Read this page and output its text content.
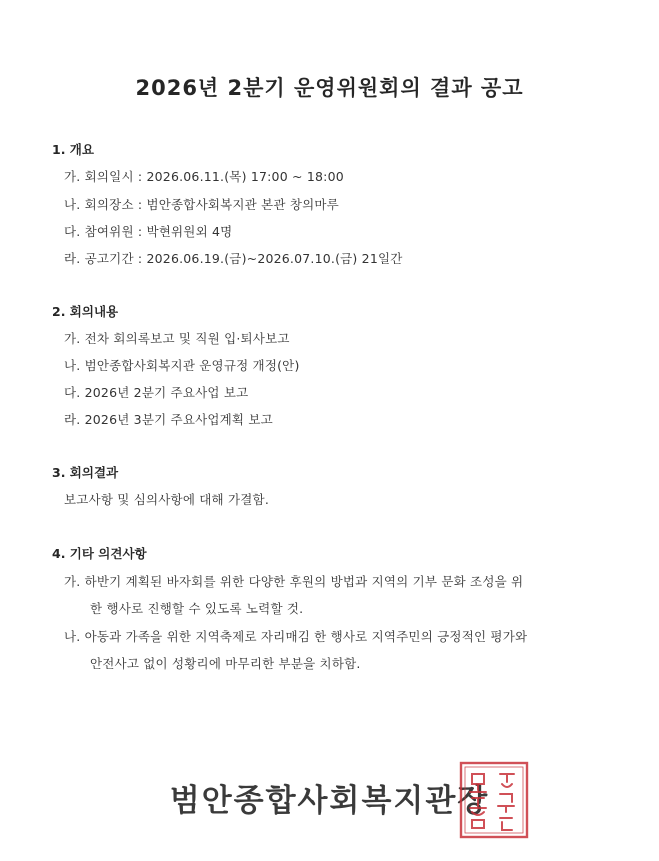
2026년 2분기 운영위원회의 결과 공고
1. 개요
가. 회의일시 : 2026.06.11.(목) 17:00 ~ 18:00
나. 회의장소 : 범안종합사회복지관 본관 창의마루
다. 참여위원 : 박현위원외 4명
라. 공고기간 : 2026.06.19.(금)~2026.07.10.(금) 21일간
2. 회의내용
가. 전차 회의록보고 및 직원 입·퇴사보고
나. 범안종합사회복지관 운영규정 개정(안)
다. 2026년 2분기 주요사업 보고
라. 2026년 3분기 주요사업계획 보고
3. 회의결과
보고사항 및 심의사항에 대해 가결함.
4. 기타 의견사항
가. 하반기 계획된 바자회를 위한 다양한 후원의 방법과 지역의 기부 문화 조성을 위
한 행사로 진행할 수 있도록 노력할 것.
나. 아동과 가족을 위한 지역축제로 자리매김 한 행사로 지역주민의 긍정적인 평가와
안전사고 없이 성황리에 마무리한 부분을 치하함.
범안종합사회복지관장
